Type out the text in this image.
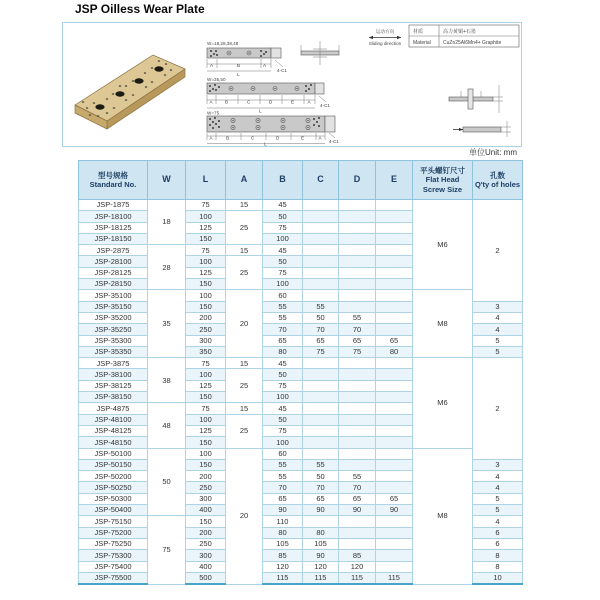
JSP Oilless Wear Plate
W=18,28,38,48
A	B	A
L
4-C1
运动方向
Sliding direction
材质	高力黄铜+石墨
Material CuZn25Al6Mn4+ Graphite
W=35,50
A	B	C	D	E	A
L
4-C1
W=75
A	B	C	D	E	A
L	4-C1
单位Unit: mm
型号规格
Standard No.
	W	L	A	B	C	D	E	
平头螺钉尺寸
Flat Head
Screw Size

孔数
Q'ty of holes

JSP-1875	18	75	15	45				M6	2
JSP-18100		100	25	50					
JSP-18125		125		75					
JSP-18150		150		100					
JSP-2875	28	75	15	45					
JSP-28100		100	25	50					
JSP-28125		125		75					
JSP-28150		150		100					
JSP-35100	35	100	20	60				M8	
JSP-35150		150		55	55				3
JSP-35200		200		55	50	55			4
JSP-35250		250		70	70	70			4
JSP-35300		300		65	65	65	65		5
JSP-35350		350		80	75	75	80		5
JSP-3875	38	75	15	45				M6	2
JSP-38100		100	25	50					
JSP-38125		125		75					
JSP-38150		150		100					
JSP-4875	48	75	15	45					
JSP-48100		100	25	50					
JSP-48125		125		75					
JSP-48150		150		100					
JSP-50100	50	100	20	60				M8	
JSP-50150		150		55	55				3
JSP-50200		200		55	50	55			4
JSP-50250		250		70	70	70			4
JSP-50300		300		65	65	65	65		5
JSP-50400		400		90	90	90	90		5
JSP-75150	75	150		110					4
JSP-75200		200		80	80				6
JSP-75250		250		105	105				6
JSP-75300		300		85	90	85			8
JSP-75400		400		120	120	120			8
JSP-75500		500		115	115	115	115		10
